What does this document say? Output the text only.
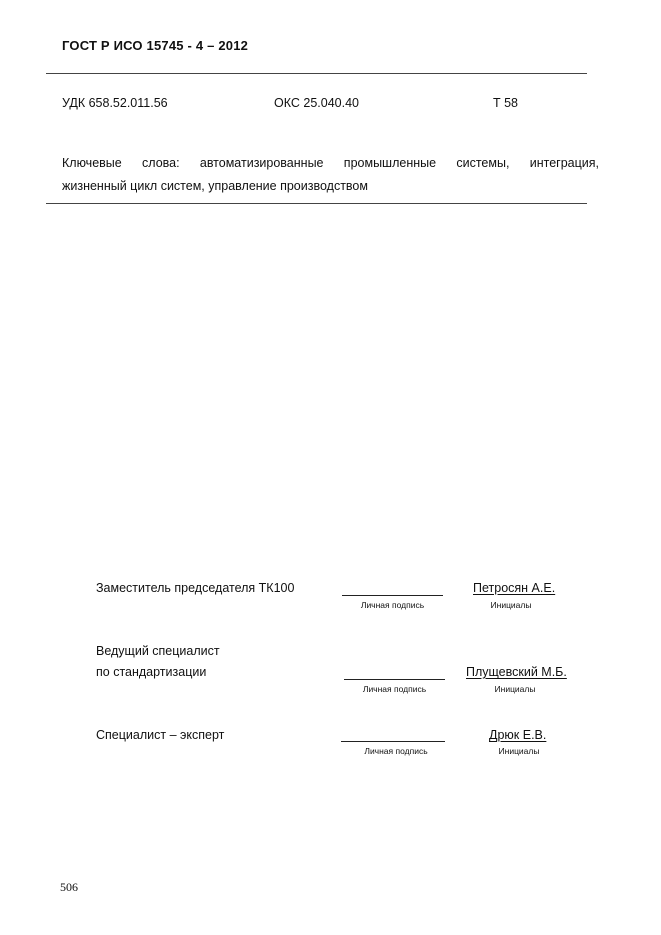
ГОСТ Р ИСО 15745 - 4 – 2012
УДК 658.52.011.56	ОКС 25.040.40	Т 58
Ключевые слова: автоматизированные промышленные системы, интеграция,
жизненный цикл систем, управление производством
Заместитель председателя ТК100
Личная подпись
Петросян А.Е.
Инициалы
Ведущий специалист
по стандартизации
Личная подпись
Плущевский М.Б.
Инициалы
Специалист – эксперт
Личная подпись
Дрюк Е.В.
Инициалы
506
